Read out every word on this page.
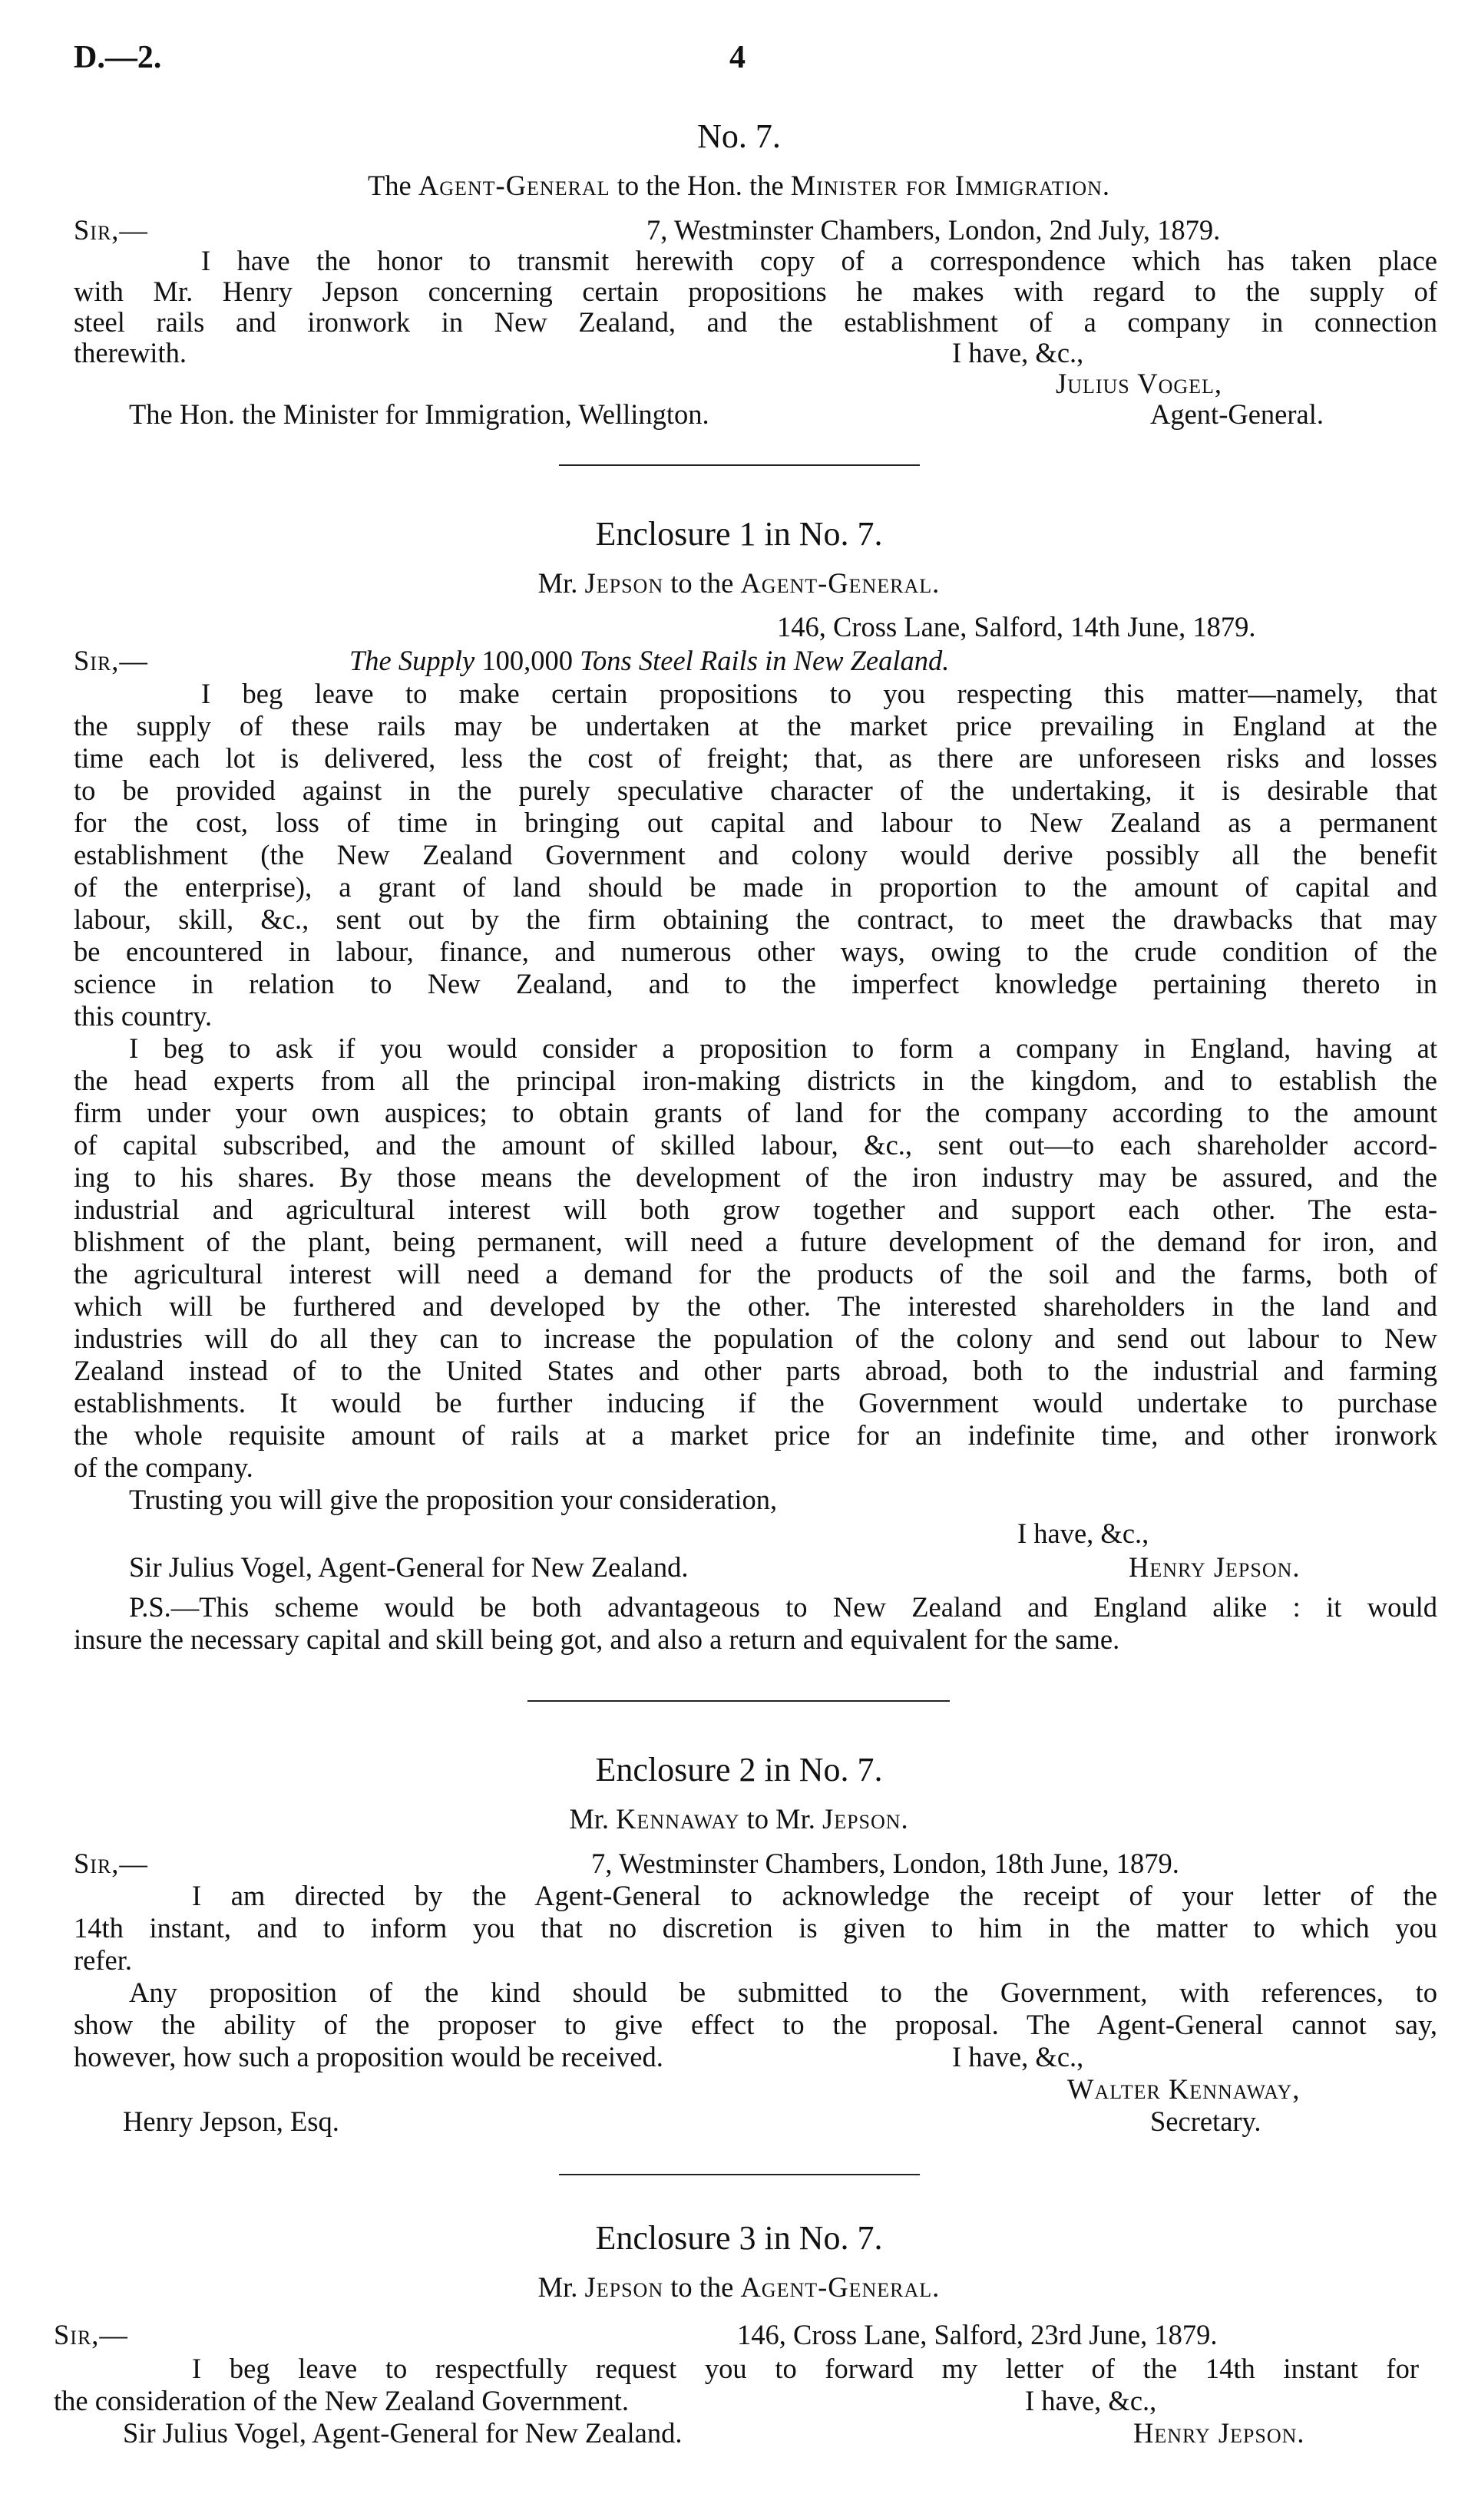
D.—2.	4
No. 7.
The Agent-General to the Hon. the Minister for Immigration.
Sir,—	7, Westminster Chambers, London, 2nd July, 1879.
I have the honor to transmit herewith copy of a correspondence which has taken place
with Mr. Henry Jepson concerning certain propositions he makes with regard to the supply of
steel rails and ironwork in New Zealand, and the establishment of a company in connection
therewith.	I have, &c.,
Julius Vogel,
The Hon. the Minister for Immigration, Wellington.	Agent-General.
Enclosure 1 in No. 7.
Mr. Jepson to the Agent-General.
146, Cross Lane, Salford, 14th June, 1879.
Sir,—	The Supply 100,000 Tons Steel Rails in New Zealand.
I beg leave to make certain propositions to you respecting this matter—namely, that
the supply of these rails may be undertaken at the market price prevailing in England at the
time each lot is delivered, less the cost of freight; that, as there are unforeseen risks and losses
to be provided against in the purely speculative character of the undertaking, it is desirable that
for the cost, loss of time in bringing out capital and labour to New Zealand as a permanent
establishment (the New Zealand Government and colony would derive possibly all the benefit
of the enterprise), a grant of land should be made in proportion to the amount of capital and
labour, skill, &c., sent out by the firm obtaining the contract, to meet the drawbacks that may
be encountered in labour, finance, and numerous other ways, owing to the crude condition of the
science in relation to New Zealand, and to the imperfect knowledge pertaining thereto in
this country.
I beg to ask if you would consider a proposition to form a company in England, having at
the head experts from all the principal iron-making districts in the kingdom, and to establish the
firm under your own auspices; to obtain grants of land for the company according to the amount
of capital subscribed, and the amount of skilled labour, &c., sent out—to each shareholder accord-
ing to his shares. By those means the development of the iron industry may be assured, and the
industrial and agricultural interest will both grow together and support each other. The esta-
blishment of the plant, being permanent, will need a future development of the demand for iron, and
the agricultural interest will need a demand for the products of the soil and the farms, both of
which will be furthered and developed by the other. The interested shareholders in the land and
industries will do all they can to increase the population of the colony and send out labour to New
Zealand instead of to the United States and other parts abroad, both to the industrial and farming
establishments. It would be further inducing if the Government would undertake to purchase
the whole requisite amount of rails at a market price for an indefinite time, and other ironwork
of the company.
Trusting you will give the proposition your consideration,
I have, &c.,
Sir Julius Vogel, Agent-General for New Zealand.	Henry Jepson.
P.S.—This scheme would be both advantageous to New Zealand and England alike : it would
insure the necessary capital and skill being got, and also a return and equivalent for the same.
Enclosure 2 in No. 7.
Mr. Kennaway to Mr. Jepson.
Sir,—	7, Westminster Chambers, London, 18th June, 1879.
I am directed by the Agent-General to acknowledge the receipt of your letter of the
14th instant, and to inform you that no discretion is given to him in the matter to which you
refer.
Any proposition of the kind should be submitted to the Government, with references, to
show the ability of the proposer to give effect to the proposal. The Agent-General cannot say,
however, how such a proposition would be received.	I have, &c.,
Walter Kennaway,
Henry Jepson, Esq.	Secretary.
Enclosure 3 in No. 7.
Mr. Jepson to the Agent-General.
Sir,—	146, Cross Lane, Salford, 23rd June, 1879.
I beg leave to respectfully request you to forward my letter of the 14th instant for
the consideration of the New Zealand Government.	I have, &c.,
Sir Julius Vogel, Agent-General for New Zealand.	Henry Jepson.
